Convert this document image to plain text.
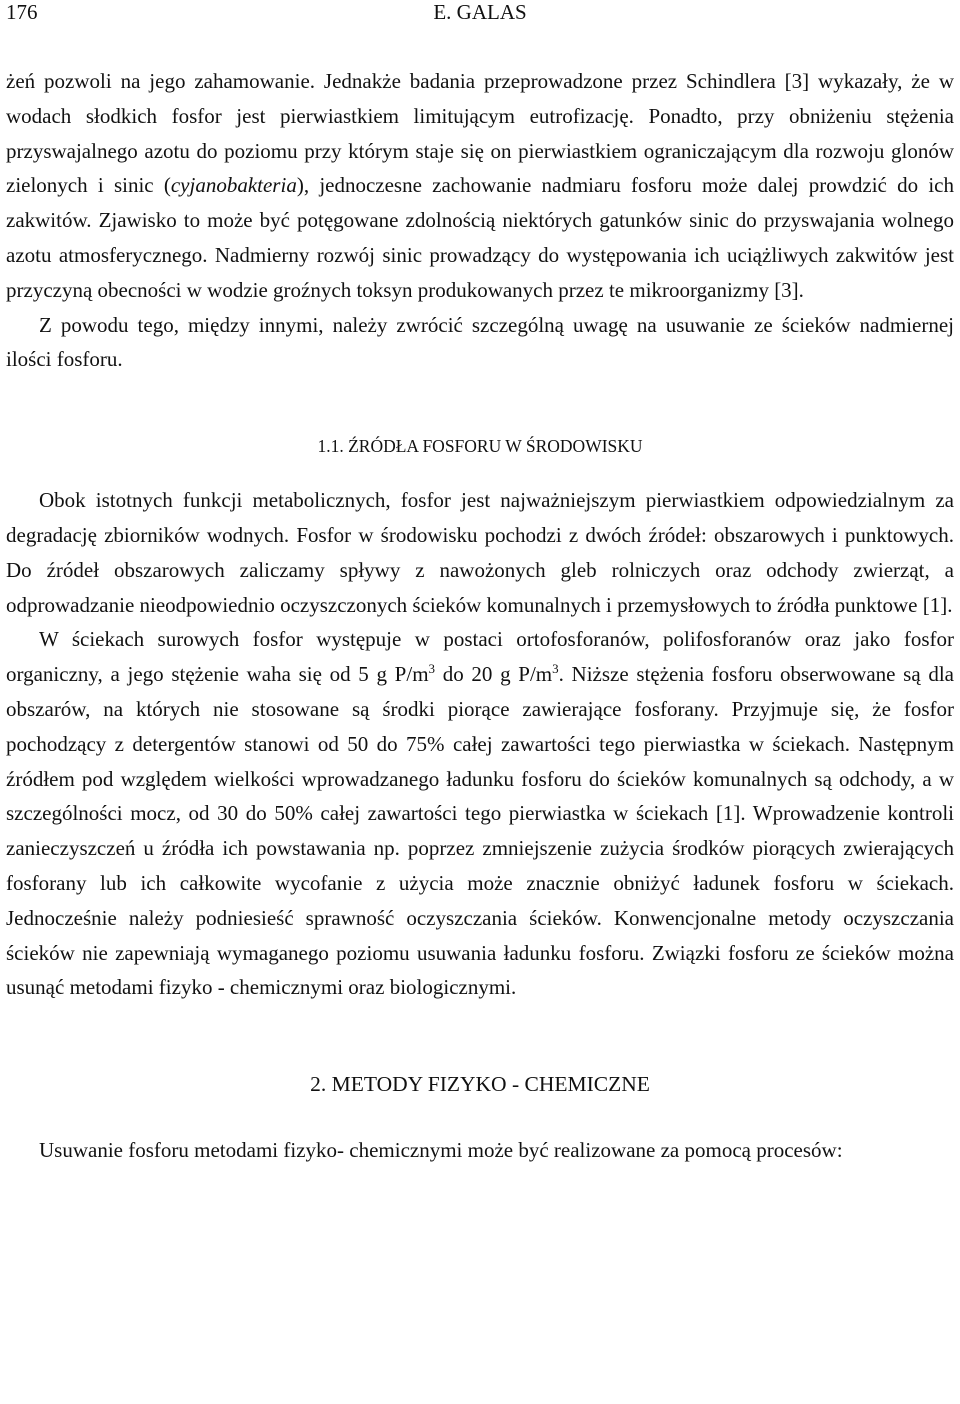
176	E. GALAS

żeń pozwoli na jego zahamowanie. Jednakże badania przeprowadzone przez Schindlera [3] wykazały, że w wodach słodkich fosfor jest pierwiastkiem limitującym eutrofizację. Ponadto, przy obniżeniu stężenia przyswajalnego azotu do poziomu przy którym staje się on pierwiastkiem ograniczającym dla rozwoju glonów zielonych i sinic (cyjanobakteria), jednoczesne zachowanie nadmiaru fosforu może dalej prowdzić do ich zakwitów. Zjawisko to może być potęgowane zdolnością niektórych gatunków sinic do przyswajania wolnego azotu atmosferycznego. Nadmierny rozwój sinic prowadzący do występowania ich uciążliwych zakwitów jest przyczyną obecności w wodzie groźnych toksyn produkowanych przez te mikroorganizmy [3].

Z powodu tego, między innymi, należy zwrócić szczególną uwagę na usuwanie ze ścieków nadmiernej ilości fosforu.

1.1. ŹRÓDŁA FOSFORU W ŚRODOWISKU

Obok istotnych funkcji metabolicznych, fosfor jest najważniejszym pierwiastkiem odpowiedzialnym za degradację zbiorników wodnych. Fosfor w środowisku pochodzi z dwóch źródeł: obszarowych i punktowych. Do źródeł obszarowych zaliczamy spływy z nawożonych gleb rolniczych oraz odchody zwierząt, a odprowadzanie nieodpowiednio oczyszczonych ścieków komunalnych i przemysłowych to źródła punktowe [1].

W ściekach surowych fosfor występuje w postaci ortofosforanów, polifosforanów oraz jako fosfor organiczny, a jego stężenie waha się od 5 g $P/m^3$ do 20 g $P/m^3$. Niższe stężenia fosforu obserwowane są dla obszarów, na których nie stosowane są środki piorące zawierające fosforany. Przyjmuje się, że fosfor pochodzący z detergentów stanowi od 50 do 75% całej zawartości tego pierwiastka w ściekach. Następnym źródłem pod względem wielkości wprowadzanego ładunku fosforu do ścieków komunalnych są odchody, a w szczególności mocz, od 30 do 50% całej zawartości tego pierwiastka w ściekach [1]. Wprowadzenie kontroli zanieczyszczeń u źródła ich powstawania np. poprzez zmniejszenie zużycia środków piorących zwierających fosforany lub ich całkowite wycofanie z użycia może znacznie obniżyć ładunek fosforu w ściekach. Jednocześnie należy podniesieść sprawność oczyszczania ścieków. Konwencjonalne metody oczyszczania ścieków nie zapewniają wymaganego poziomu usuwania ładunku fosforu. Związki fosforu ze ścieków można usunąć metodami fizyko - chemicznymi oraz biologicznymi.

2. METODY FIZYKO - CHEMICZNE

Usuwanie fosforu metodami fizyko- chemicznymi może być realizowane za pomocą procesów:
